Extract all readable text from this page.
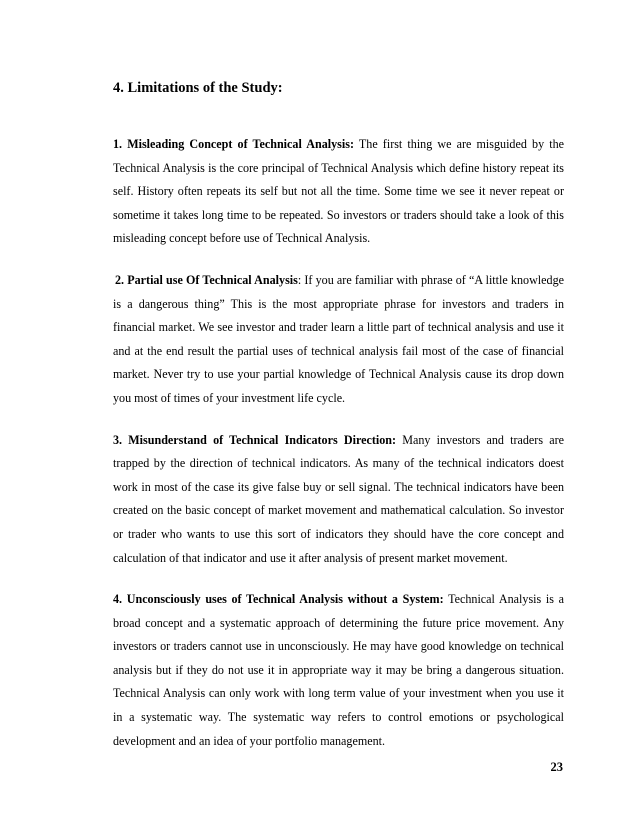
4. Limitations of the Study:

1. Misleading Concept of Technical Analysis: The first thing we are misguided by the Technical Analysis is the core principal of Technical Analysis which define history repeat its self. History often repeats its self but not all the time. Some time we see it never repeat or sometime it takes long time to be repeated. So investors or traders should take a look of this misleading concept before use of Technical Analysis.

2. Partial use Of Technical Analysis: If you are familiar with phrase of “A little knowledge is a dangerous thing” This is the most appropriate phrase for investors and traders in financial market. We see investor and trader learn a little part of technical analysis and use it and at the end result the partial uses of technical analysis fail most of the case of financial market. Never try to use your partial knowledge of Technical Analysis cause its drop down you most of times of your investment life cycle.

3. Misunderstand of Technical Indicators Direction: Many investors and traders are trapped by the direction of technical indicators. As many of the technical indicators doest work in most of the case its give false buy or sell signal. The technical indicators have been created on the basic concept of market movement and mathematical calculation. So investor or trader who wants to use this sort of indicators they should have the core concept and calculation of that indicator and use it after analysis of present market movement.

4. Unconsciously uses of Technical Analysis without a System: Technical Analysis is a broad concept and a systematic approach of determining the future price movement. Any investors or traders cannot use in unconsciously. He may have good knowledge on technical analysis but if they do not use it in appropriate way it may be bring a dangerous situation. Technical Analysis can only work with long term value of your investment when you use it in a systematic way. The systematic way refers to control emotions or psychological development and an idea of your portfolio management.

23
